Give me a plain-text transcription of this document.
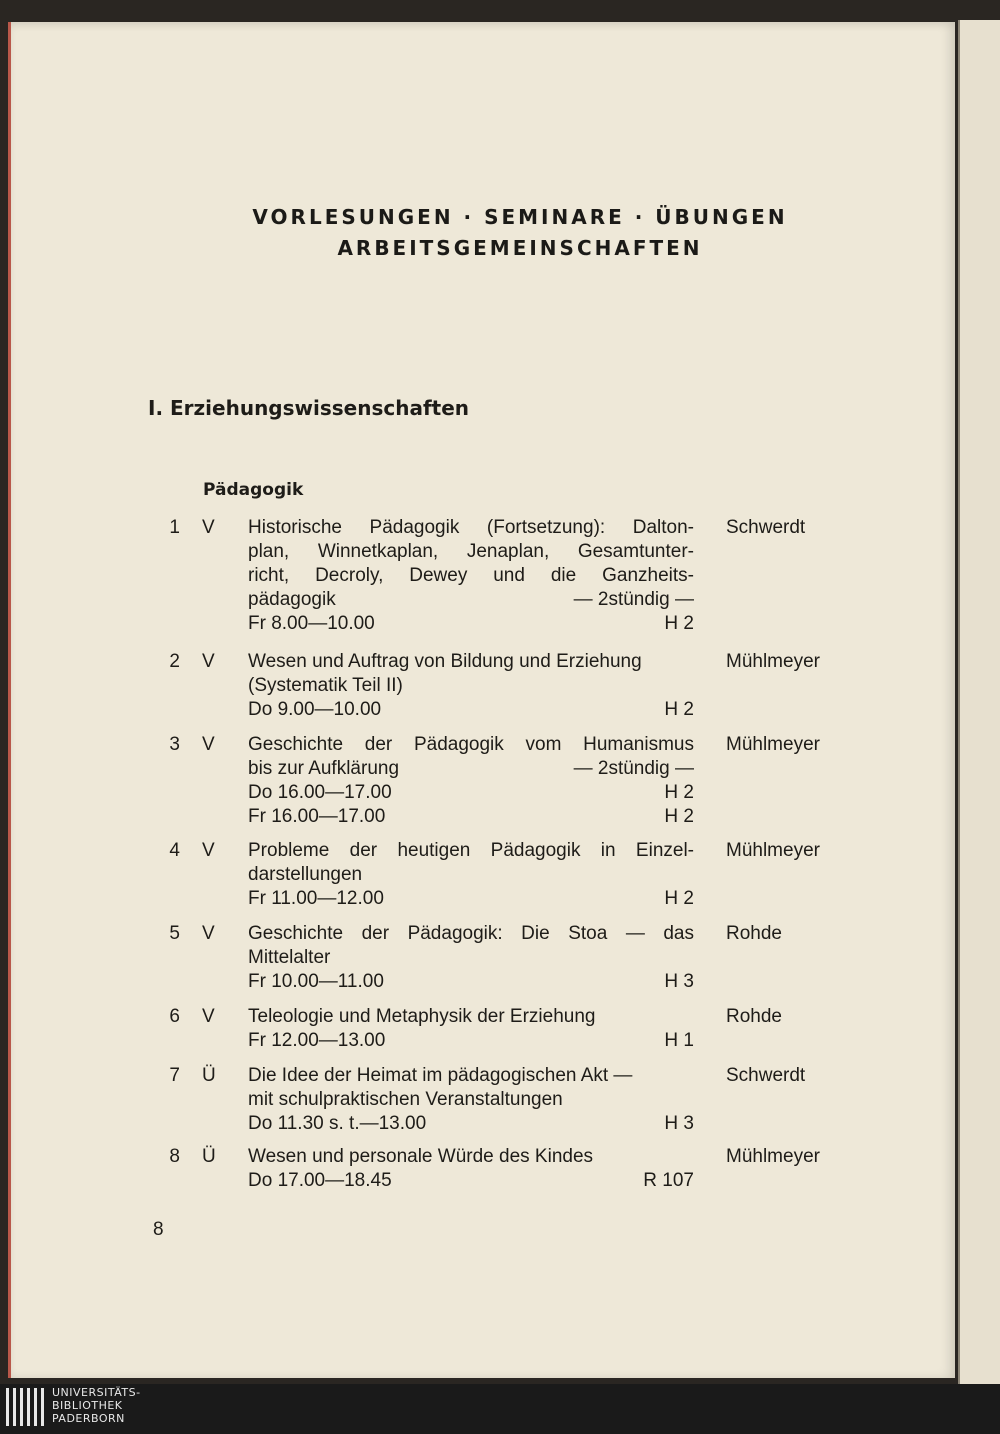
VORLESUNGEN · SEMINARE · ÜBUNGEN
ARBEITSGEMEINSCHAFTEN
I. Erziehungswissenschaften
Pädagogik
1 V Historische Pädagogik (Fortsetzung): Dalton-
plan, Winnetkaplan, Jenaplan, Gesamtunter-
richt, Decroly, Dewey und die Ganzheits-
pädagogik	— 2stündig —
Fr 8.00—10.00	H 2
Schwerdt
2 V Wesen und Auftrag von Bildung und Erziehung
(Systematik Teil II)
Do 9.00—10.00	H 2
Mühlmeyer
3 V Geschichte der Pädagogik vom Humanismus
bis zur Aufklärung	— 2stündig —
Do 16.00—17.00	H 2
Fr 16.00—17.00	H 2
Mühlmeyer
4 V Probleme der heutigen Pädagogik in Einzel-
darstellungen
Fr 11.00—12.00	H 2
Mühlmeyer
5 V Geschichte der Pädagogik: Die Stoa — das
Mittelalter
Fr 10.00—11.00	H 3
Rohde
6 V Teleologie und Metaphysik der Erziehung
Fr 12.00—13.00	H 1
Rohde
7 Ü Die Idee der Heimat im pädagogischen Akt —
mit schulpraktischen Veranstaltungen
Do 11.30 s. t.—13.00	H 3
Schwerdt
8 Ü Wesen und personale Würde des Kindes
Do 17.00—18.45	R 107
Mühlmeyer
8
UNIVERSITÄTS-
BIBLIOTHEK
PADERBORN
